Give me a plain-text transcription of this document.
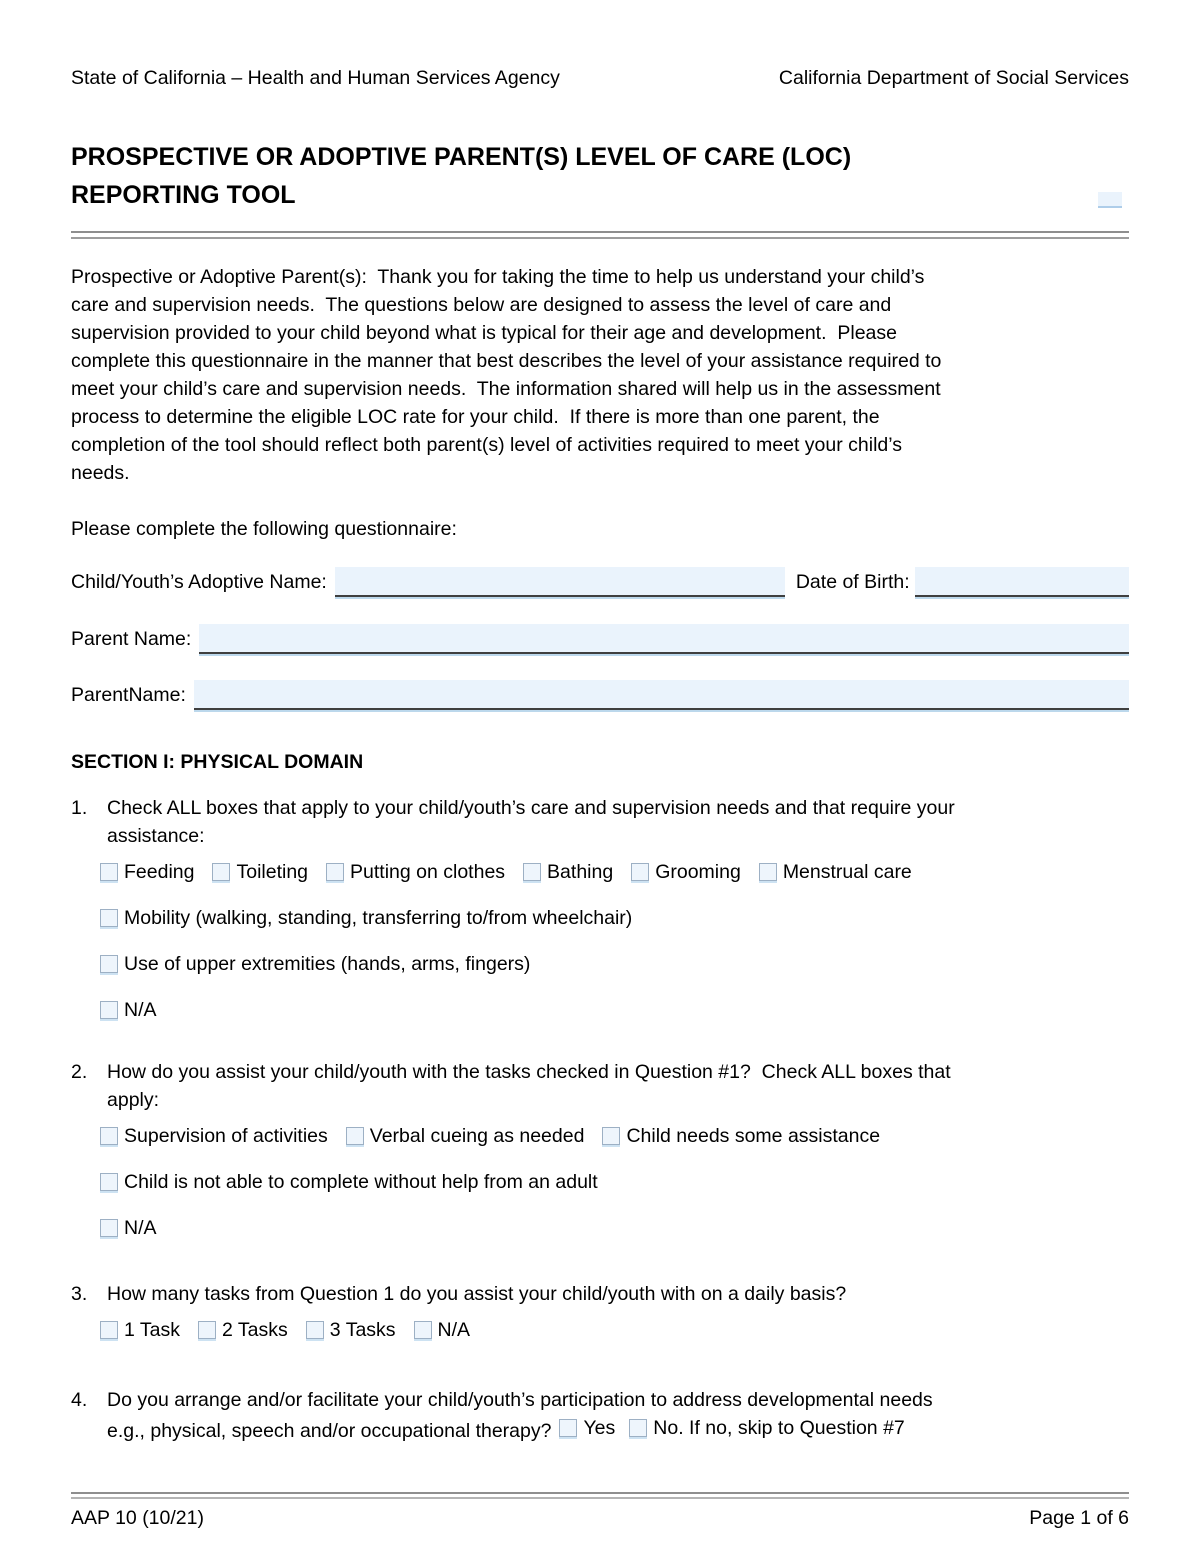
State of California – Health and Human Services Agency	California Department of Social Services
PROSPECTIVE OR ADOPTIVE PARENT(S) LEVEL OF CARE (LOC)
REPORTING TOOL

Prospective or Adoptive Parent(s):  Thank you for taking the time to help us understand your child’s
care and supervision needs.  The questions below are designed to assess the level of care and
supervision provided to your child beyond what is typical for their age and development.  Please
complete this questionnaire in the manner that best describes the level of your assistance required to
meet your child’s care and supervision needs.  The information shared will help us in the assessment
process to determine the eligible LOC rate for your child.  If there is more than one parent, the
completion of the tool should reflect both parent(s) level of activities required to meet your child’s
needs.

Please complete the following questionnaire:

Child/Youth’s Adoptive Name:	Date of Birth:
Parent Name:
ParentName:
SECTION I: PHYSICAL DOMAIN
1.	Check ALL boxes that apply to your child/youth’s care and supervision needs and that require your
assistance:
Feeding Toileting Putting on clothes Bathing Grooming Menstrual care
Mobility (walking, standing, transferring to/from wheelchair)
Use of upper extremities (hands, arms, fingers)
N/A
2.	How do you assist your child/youth with the tasks checked in Question #1?  Check ALL boxes that
apply:
Supervision of activities Verbal cueing as needed Child needs some assistance
Child is not able to complete without help from an adult
N/A
3.	How many tasks from Question 1 do you assist your child/youth with on a daily basis?
1 Task 2 Tasks 3 Tasks N/A
4.	Do you arrange and/or facilitate your child/youth’s participation to address developmental needs
e.g., physical, speech and/or occupational therapy? Yes No. If no, skip to Question #7
AAP 10 (10/21)	Page 1 of 6
